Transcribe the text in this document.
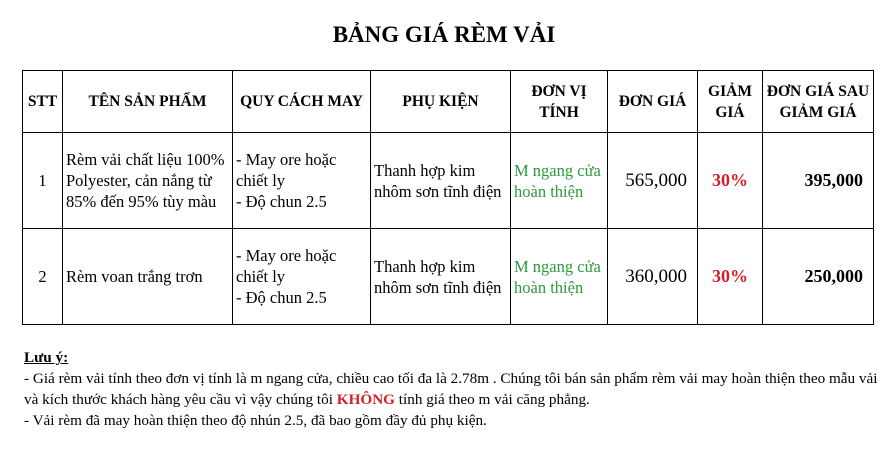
BẢNG GIÁ RÈM VẢI
STT	TÊN SẢN PHẨM	QUY CÁCH MAY	PHỤ KIỆN	ĐƠN VỊ TÍNH	ĐƠN GIÁ	GIẢM GIÁ	ĐƠN GIÁ SAU GIẢM GIÁ
1	Rèm vải chất liệu 100% Polyester, cản nắng từ 85% đến 95% tùy màu	- May ore hoặc chiết ly
- Độ chun 2.5	Thanh hợp kim nhôm sơn tĩnh điện	M ngang cửa hoàn thiện	565,000	30%	395,000
2	Rèm voan trắng trơn	- May ore hoặc chiết ly
- Độ chun 2.5	Thanh hợp kim nhôm sơn tĩnh điện	M ngang cửa hoàn thiện	360,000	30%	250,000
Lưu ý:
- Giá rèm vải tính theo đơn vị tính là m ngang cửa, chiều cao tối đa là 2.78m . Chúng tôi bán sản phẩm rèm vải may hoàn thiện theo mẫu vải và kích thước khách hàng yêu cầu vì vậy chúng tôi KHÔNG tính giá theo m vải căng phẳng.
- Vải rèm đã may hoàn thiện theo độ nhún 2.5, đã bao gồm đầy đủ phụ kiện.
